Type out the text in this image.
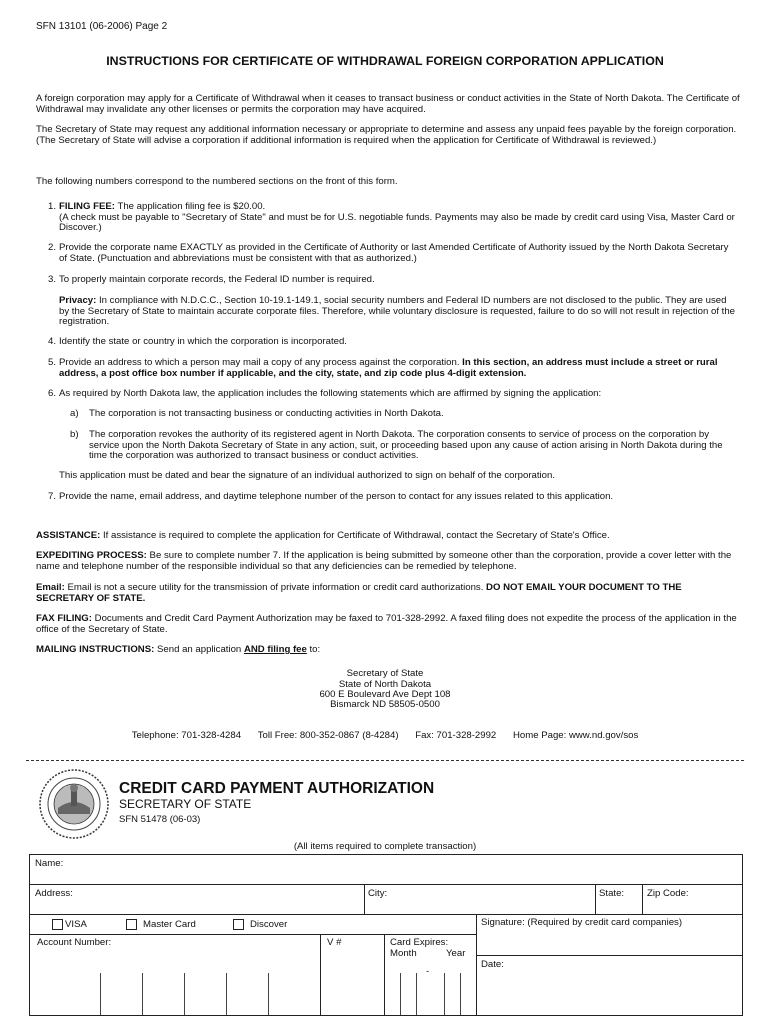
SFN 13101 (06-2006) Page 2
INSTRUCTIONS FOR CERTIFICATE OF WITHDRAWAL FOREIGN CORPORATION APPLICATION
A foreign corporation may apply for a Certificate of Withdrawal when it ceases to transact business or conduct activities in the State of North Dakota. The Certificate of Withdrawal may invalidate any other licenses or permits the corporation may have acquired.
The Secretary of State may request any additional information necessary or appropriate to determine and assess any unpaid fees payable by the foreign corporation. (The Secretary of State will advise a corporation if additional information is required when the application for Certificate of Withdrawal is reviewed.)
The following numbers correspond to the numbered sections on the front of this form.
1. FILING FEE: The application filing fee is $20.00.
(A check must be payable to "Secretary of State" and must be for U.S. negotiable funds. Payments may also be made by credit card using Visa, Master Card or Discover.)
2. Provide the corporate name EXACTLY as provided in the Certificate of Authority or last Amended Certificate of Authority issued by the North Dakota Secretary of State. (Punctuation and abbreviations must be consistent with that as authorized.)
3. To properly maintain corporate records, the Federal ID number is required.
Privacy: In compliance with N.D.C.C., Section 10-19.1-149.1, social security numbers and Federal ID numbers are not disclosed to the public. They are used by the Secretary of State to maintain accurate corporate files. Therefore, while voluntary disclosure is requested, failure to do so will not result in rejection of the registration.
4. Identify the state or country in which the corporation is incorporated.
5. Provide an address to which a person may mail a copy of any process against the corporation. In this section, an address must include a street or rural address, a post office box number if applicable, and the city, state, and zip code plus 4-digit extension.
6. As required by North Dakota law, the application includes the following statements which are affirmed by signing the application:
a)	The corporation is not transacting business or conducting activities in North Dakota.
b)	The corporation revokes the authority of its registered agent in North Dakota. The corporation consents to service of process on the corporation by service upon the North Dakota Secretary of State in any action, suit, or proceeding based upon any cause of action arising in North Dakota during the time the corporation was authorized to transact business or conduct activities.
This application must be dated and bear the signature of an individual authorized to sign on behalf of the corporation.
7. Provide the name, email address, and daytime telephone number of the person to contact for any issues related to this application.
ASSISTANCE: If assistance is required to complete the application for Certificate of Withdrawal, contact the Secretary of State's Office.
EXPEDITING PROCESS: Be sure to complete number 7. If the application is being submitted by someone other than the corporation, provide a cover letter with the name and telephone number of the responsible individual so that any deficiencies can be remedied by telephone.
Email: Email is not a secure utility for the transmission of private information or credit card authorizations. DO NOT EMAIL YOUR DOCUMENT TO THE SECRETARY OF STATE.
FAX FILING: Documents and Credit Card Payment Authorization may be faxed to 701-328-2992. A faxed filing does not expedite the process of the application in the office of the Secretary of State.
MAILING INSTRUCTIONS: Send an application AND filing fee to:
Secretary of State
State of North Dakota
600 E Boulevard Ave Dept 108
Bismarck ND 58505-0500
Telephone: 701-328-4284 Toll Free: 800-352-0867 (8-4284) Fax: 701-328-2992 Home Page: www.nd.gov/sos
CREDIT CARD PAYMENT AUTHORIZATION
SECRETARY OF STATE
SFN 51478 (06-03)
(All items required to complete transaction)
Name:
Address:	City:	State: Zip Code:
VISA	Master Card	Discover	Signature: (Required by credit card companies)
Account Number:	V #	Card Expires:
Month	Year
-
Date:
